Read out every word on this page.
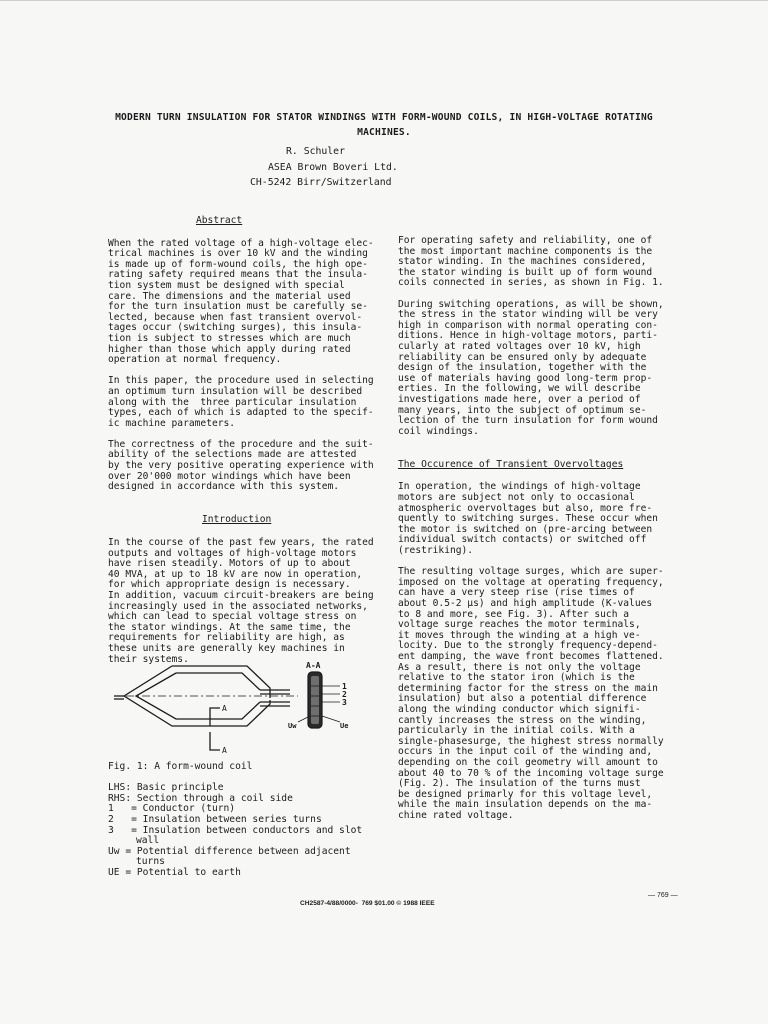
MODERN TURN INSULATION FOR STATOR WINDINGS WITH FORM-WOUND COILS, IN HIGH-VOLTAGE ROTATING
MACHINES.
R. Schuler
ASEA Brown Boveri Ltd.
CH-5242 Birr/Switzerland
Abstract
When the rated voltage of a high-voltage elec-
trical machines is over 10 kV and the winding
is made up of form-wound coils, the high ope-
rating safety required means that the insula-
tion system must be designed with special
care. The dimensions and the material used
for the turn insulation must be carefully se-
lected, because when fast transient overvol-
tages occur (switching surges), this insula-
tion is subject to stresses which are much
higher than those which apply during rated
operation at normal frequency.
In this paper, the procedure used in selecting
an optimum turn insulation will be described
along with the  three particular insulation
types, each of which is adapted to the specif-
ic machine parameters.
The correctness of the procedure and the suit-
ability of the selections made are attested
by the very positive operating experience with
over 20'000 motor windings which have been
designed in accordance with this system.
Introduction
In the course of the past few years, the rated
outputs and voltages of high-voltage motors
have risen steadily. Motors of up to about
40 MVA, at up to 18 kV are now in operation,
for which appropriate design is necessary.
In addition, vacuum circuit-breakers are being
increasingly used in the associated networks,
which can lead to special voltage stress on
the stator windings. At the same time, the
requirements for reliability are high, as
these units are generally key machines in
their systems.
A
A
A-A
1
2
3
Uw	Ue
Fig. 1: A form-wound coil
LHS: Basic principle
RHS: Section through a coil side
1   = Conductor (turn)
2   = Insulation between series turns
3   = Insulation between conductors and slot
wall
Uw = Potential difference between adjacent
turns
UE = Potential to earth
For operating safety and reliability, one of
the most important machine components is the
stator winding. In the machines considered,
the stator winding is built up of form wound
coils connected in series, as shown in Fig. 1.
During switching operations, as will be shown,
the stress in the stator winding will be very
high in comparison with normal operating con-
ditions. Hence in high-voltage motors, parti-
cularly at rated voltages over 10 kV, high
reliability can be ensured only by adequate
design of the insulation, together with the
use of materials having good long-term prop-
erties. In the following, we will describe
investigations made here, over a period of
many years, into the subject of optimum se-
lection of the turn insulation for form wound
coil windings.
The Occurence of Transient Overvoltages
In operation, the windings of high-voltage
motors are subject not only to occasional
atmospheric overvoltages but also, more fre-
quently to switching surges. These occur when
the motor is switched on (pre-arcing between
individual switch contacts) or switched off
(restriking).
The resulting voltage surges, which are super-
imposed on the voltage at operating frequency,
can have a very steep rise (rise times of
about 0.5-2 µs) and high amplitude (K-values
to 8 and more, see Fig. 3). After such a
voltage surge reaches the motor terminals,
it moves through the winding at a high ve-
locity. Due to the strongly frequency-depend-
ent damping, the wave front becomes flattened.
As a result, there is not only the voltage
relative to the stator iron (which is the
determining factor for the stress on the main
insulation) but also a potential difference
along the winding conductor which signifi-
cantly increases the stress on the winding,
particularly in the initial coils. With a
single-phasesurge, the highest stress normally
occurs in the input coil of the winding and,
depending on the coil geometry will amount to
about 40 to 70 % of the incoming voltage surge
(Fig. 2). The insulation of the turns must
be designed primarly for this voltage level,
while the main insulation depends on the ma-
chine rated voltage.
CH2587-4/88/0000-  769 $01.00 © 1988 IEEE
— 769 —
